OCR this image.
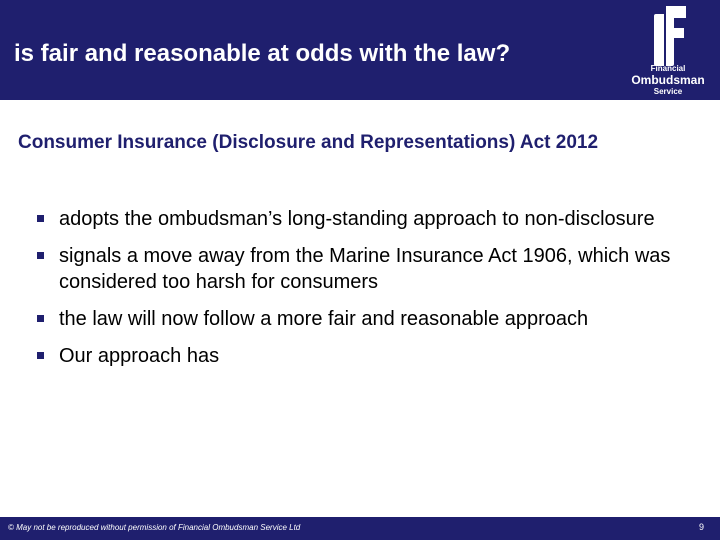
is fair and reasonable at odds with the law?
Financial
Ombudsman
Service
Consumer Insurance (Disclosure and Representations) Act 2012
adopts the ombudsman’s long-standing approach to non-disclosure
signals a move away from the Marine Insurance Act 1906, which was considered too harsh for consumers
the law will now follow a more fair and reasonable approach
Our approach has
© May not be reproduced without permission of Financial Ombudsman Service Ltd	9
